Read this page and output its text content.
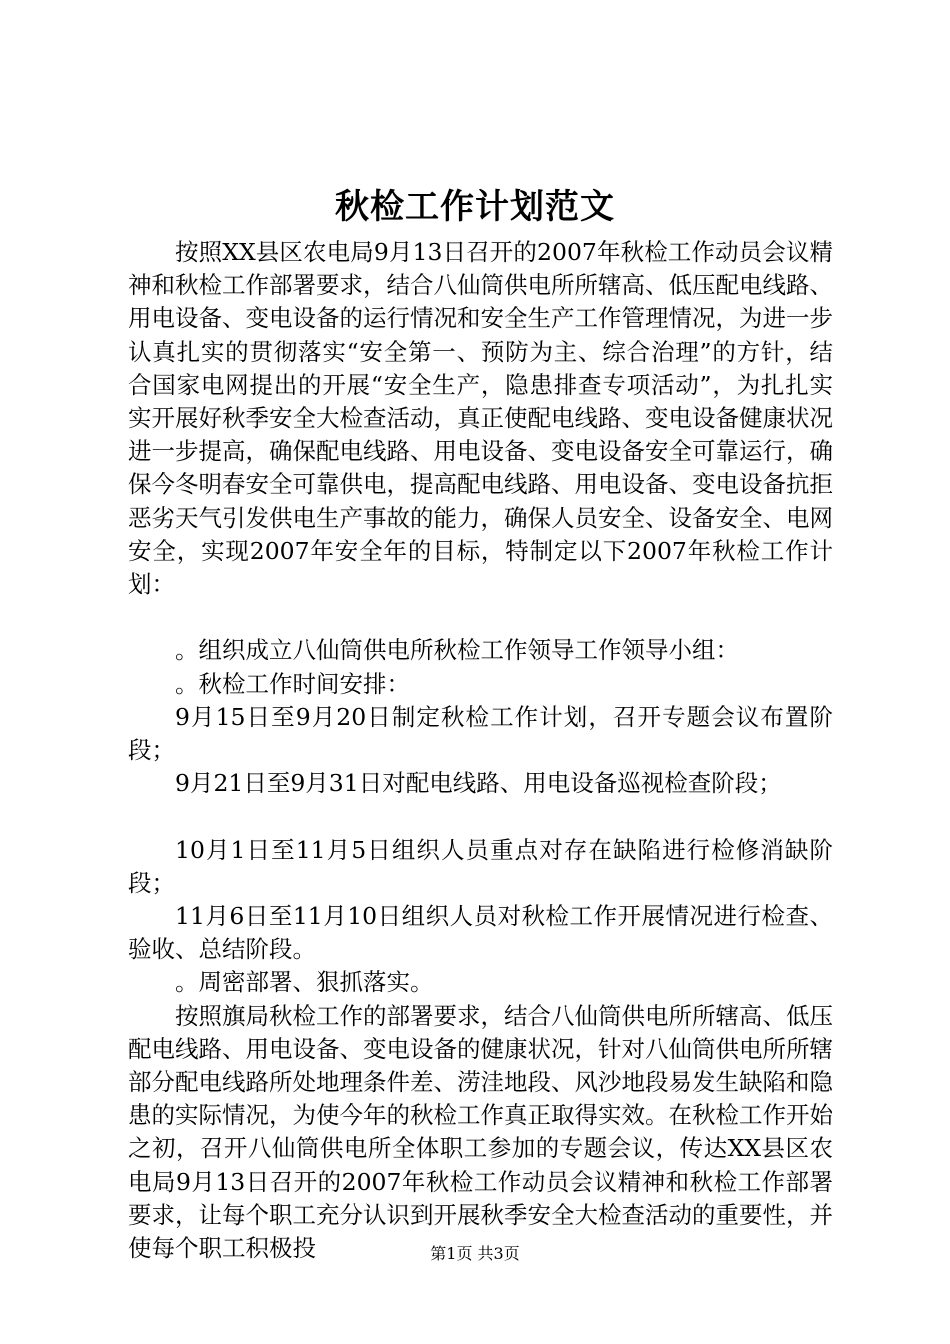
秋检工作计划范文

按照XX县区农电局9月13日召开的2007年秋检工作动员会议精神和秋检工作部署要求，结合八仙筒供电所所辖高、低压配电线路、用电设备、变电设备的运行情况和安全生产工作管理情况，为进一步认真扎实的贯彻落实“安全第一、预防为主、综合治理”的方针，结合国家电网提出的开展“安全生产，隐患排查专项活动”，为扎扎实实开展好秋季安全大检查活动，真正使配电线路、变电设备健康状况进一步提高，确保配电线路、用电设备、变电设备安全可靠运行，确保今冬明春安全可靠供电，提高配电线路、用电设备、变电设备抗拒恶劣天气引发供电生产事故的能力，确保人员安全、设备安全、电网安全，实现2007年安全年的目标，特制定以下2007年秋检工作计划：

。组织成立八仙筒供电所秋检工作领导工作领导小组：

。秋检工作时间安排：

9月15日至9月20日制定秋检工作计划，召开专题会议布置阶段；

9月21日至9月31日对配电线路、用电设备巡视检查阶段；

10月1日至11月5日组织人员重点对存在缺陷进行检修消缺阶段；

11月6日至11月10日组织人员对秋检工作开展情况进行检查、验收、总结阶段。

。周密部署、狠抓落实。

按照旗局秋检工作的部署要求，结合八仙筒供电所所辖高、低压配电线路、用电设备、变电设备的健康状况，针对八仙筒供电所所辖部分配电线路所处地理条件差、涝洼地段、风沙地段易发生缺陷和隐患的实际情况，为使今年的秋检工作真正取得实效。在秋检工作开始之初，召开八仙筒供电所全体职工参加的专题会议，传达XX县区农电局9月13日召开的2007年秋检工作动员会议精神和秋检工作部署要求，让每个职工充分认识到开展秋季安全大检查活动的重要性，并使每个职工积极投	第1页 共3页
